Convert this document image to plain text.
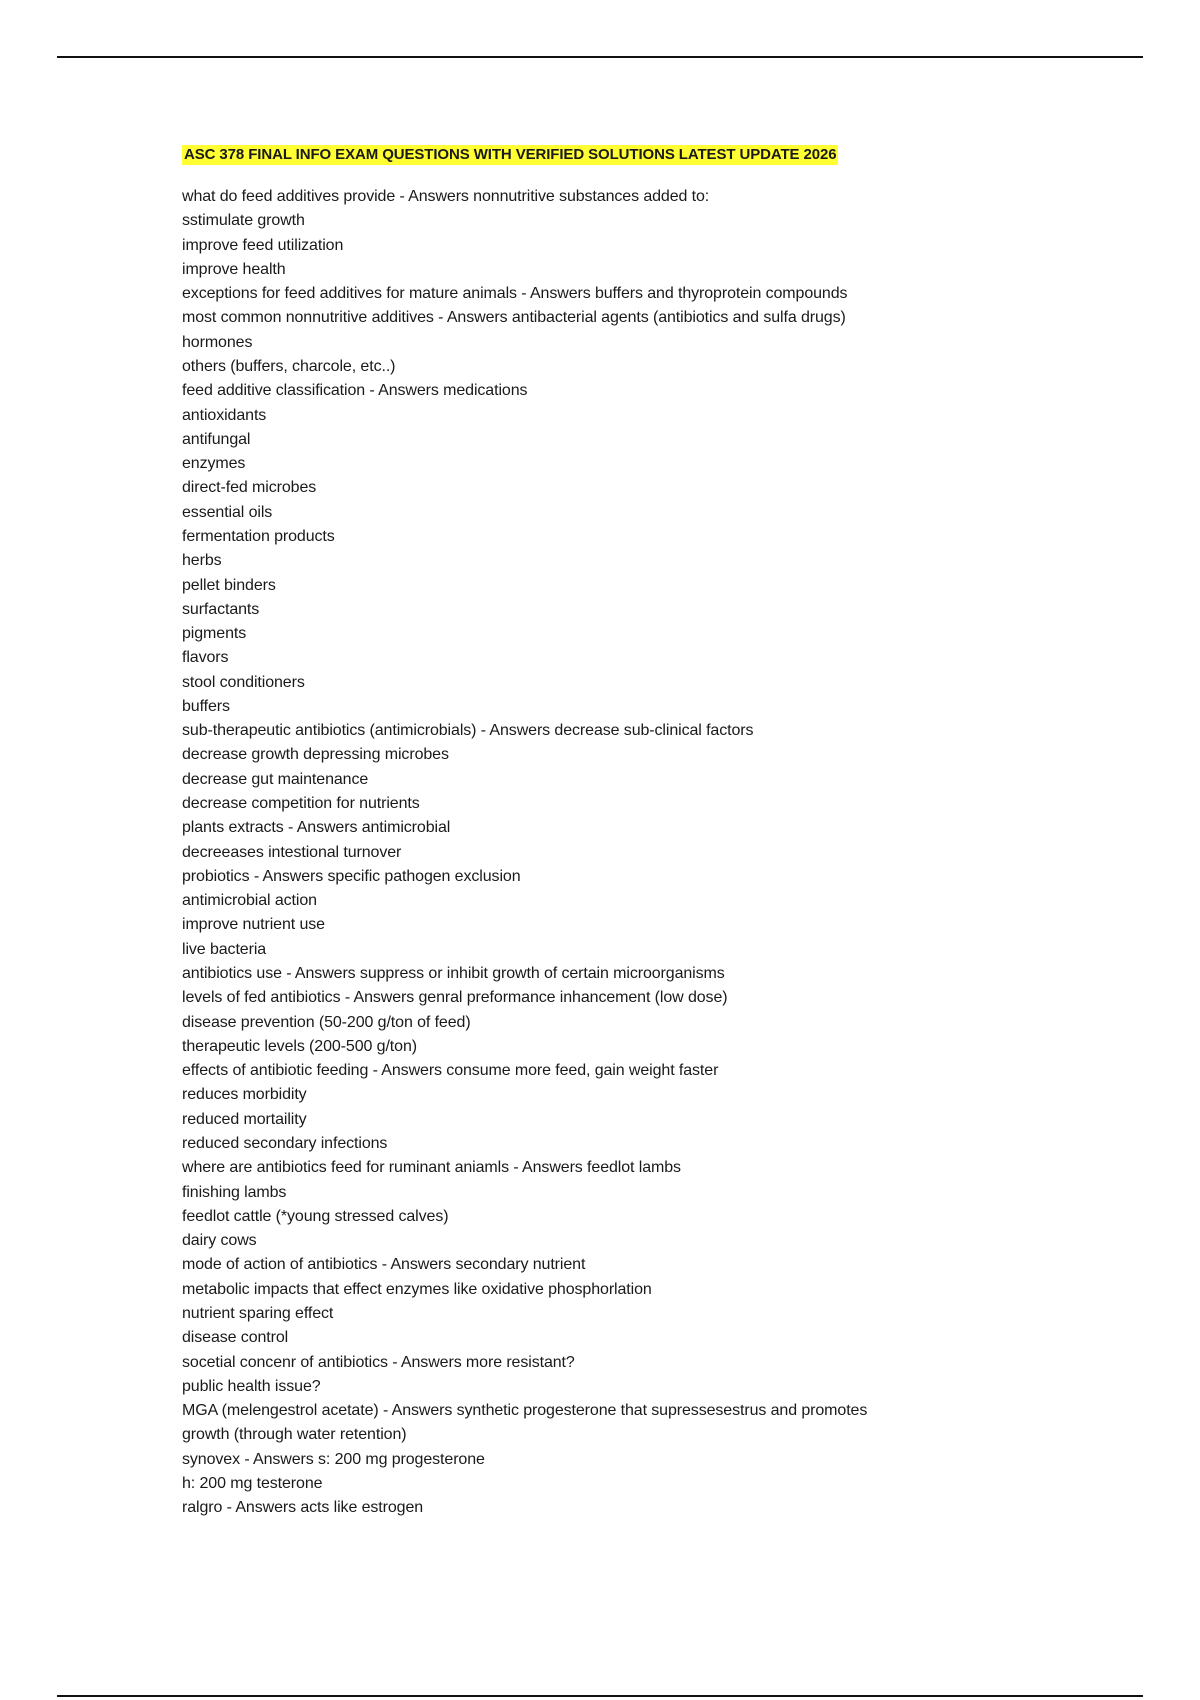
ASC 378 FINAL INFO EXAM QUESTIONS WITH VERIFIED SOLUTIONS LATEST UPDATE 2026
what do feed additives provide - Answers nonnutritive substances added to:
sstimulate growth
improve feed utilization
improve health
exceptions for feed additives for mature animals - Answers buffers and thyroprotein compounds
most common nonnutritive additives - Answers antibacterial agents (antibiotics and sulfa drugs)
hormones
others (buffers, charcole, etc..)
feed additive classification - Answers medications
antioxidants
antifungal
enzymes
direct-fed microbes
essential oils
fermentation products
herbs
pellet binders
surfactants
pigments
flavors
stool conditioners
buffers
sub-therapeutic antibiotics (antimicrobials) - Answers decrease sub-clinical factors
decrease growth depressing microbes
decrease gut maintenance
decrease competition for nutrients
plants extracts - Answers antimicrobial
decreeases intestional turnover
probiotics - Answers specific pathogen exclusion
antimicrobial action
improve nutrient use
live bacteria
antibiotics use - Answers suppress or inhibit growth of certain microorganisms
levels of fed antibiotics - Answers genral preformance inhancement (low dose)
disease prevention (50-200 g/ton of feed)
therapeutic levels (200-500 g/ton)
effects of antibiotic feeding - Answers consume more feed, gain weight faster
reduces morbidity
reduced mortaility
reduced secondary infections
where are antibiotics feed for ruminant aniamls - Answers feedlot lambs
finishing lambs
feedlot cattle (*young stressed calves)
dairy cows
mode of action of antibiotics - Answers secondary nutrient
metabolic impacts that effect enzymes like oxidative phosphorlation
nutrient sparing effect
disease control
socetial concenr of antibiotics - Answers more resistant?
public health issue?
MGA (melengestrol acetate) - Answers synthetic progesterone that supressesestrus and promotes
growth (through water retention)
synovex - Answers s: 200 mg progesterone
h: 200 mg testerone
ralgro - Answers acts like estrogen
